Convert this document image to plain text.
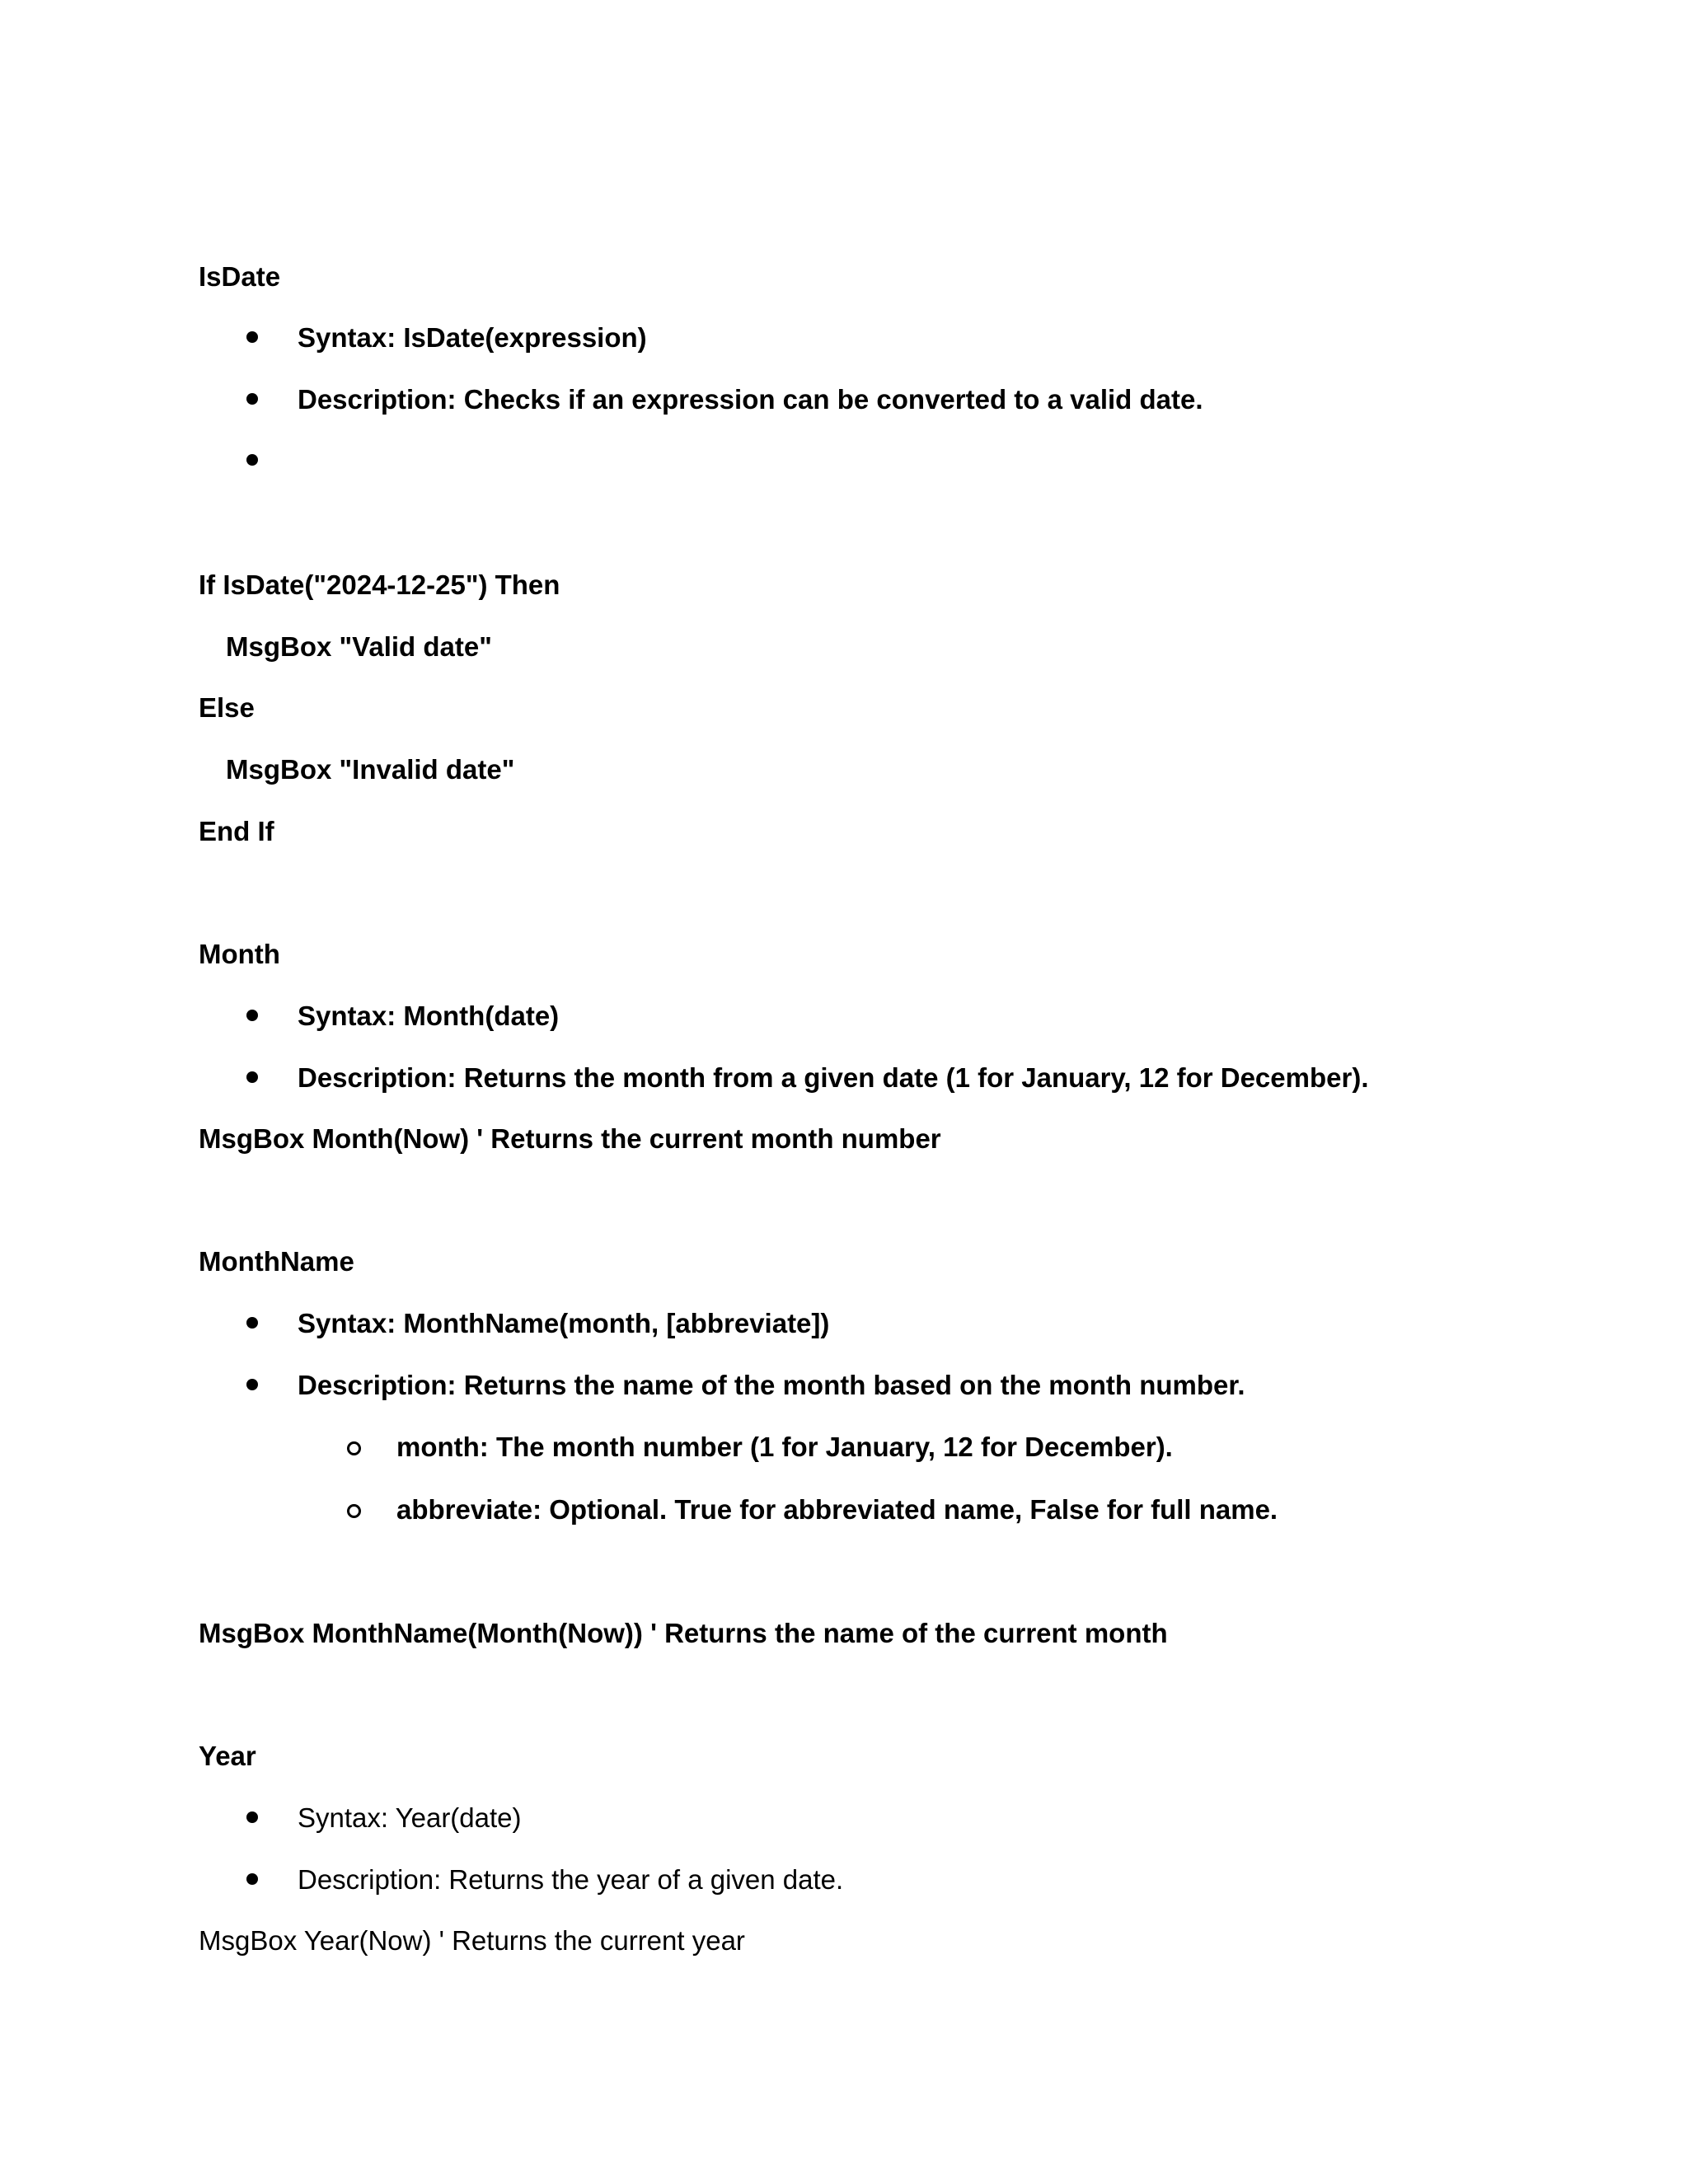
IsDate
Syntax: IsDate(expression)
Description: Checks if an expression can be converted to a valid date.
If IsDate("2024-12-25") Then
MsgBox "Valid date"
Else
MsgBox "Invalid date"
End If
Month
Syntax: Month(date)
Description: Returns the month from a given date (1 for January, 12 for December).
MsgBox Month(Now) ' Returns the current month number
MonthName
Syntax: MonthName(month, [abbreviate])
Description: Returns the name of the month based on the month number.
month: The month number (1 for January, 12 for December).
abbreviate: Optional. True for abbreviated name, False for full name.
MsgBox MonthName(Month(Now)) ' Returns the name of the current month
Year
Syntax: Year(date)
Description: Returns the year of a given date.
MsgBox Year(Now) ' Returns the current year
